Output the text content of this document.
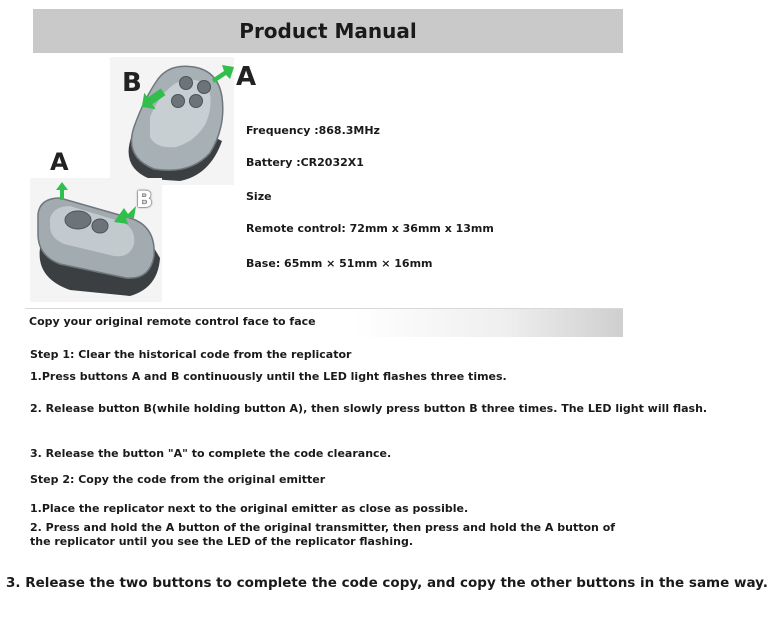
Product Manual
B	A
A
B
Frequency :868.3MHz
Battery :CR2032X1
Size
Remote control: 72mm x 36mm x 13mm
Base: 65mm × 51mm × 16mm
Copy your original remote control face to face
Step 1: Clear the historical code from the replicator
1.Press buttons A and B continuously until the LED light flashes three times.
2. Release button B(while holding button A), then slowly press button B three times. The LED light will flash.
3. Release the button "A" to complete the code clearance.
Step 2: Copy the code from the original emitter
1.Place the replicator next to the original emitter as close as possible.
2. Press and hold the A button of the original transmitter, then press and hold the A button of
the replicator until you see the LED of the replicator flashing.
3. Release the two buttons to complete the code copy, and copy the other buttons in the same way.
